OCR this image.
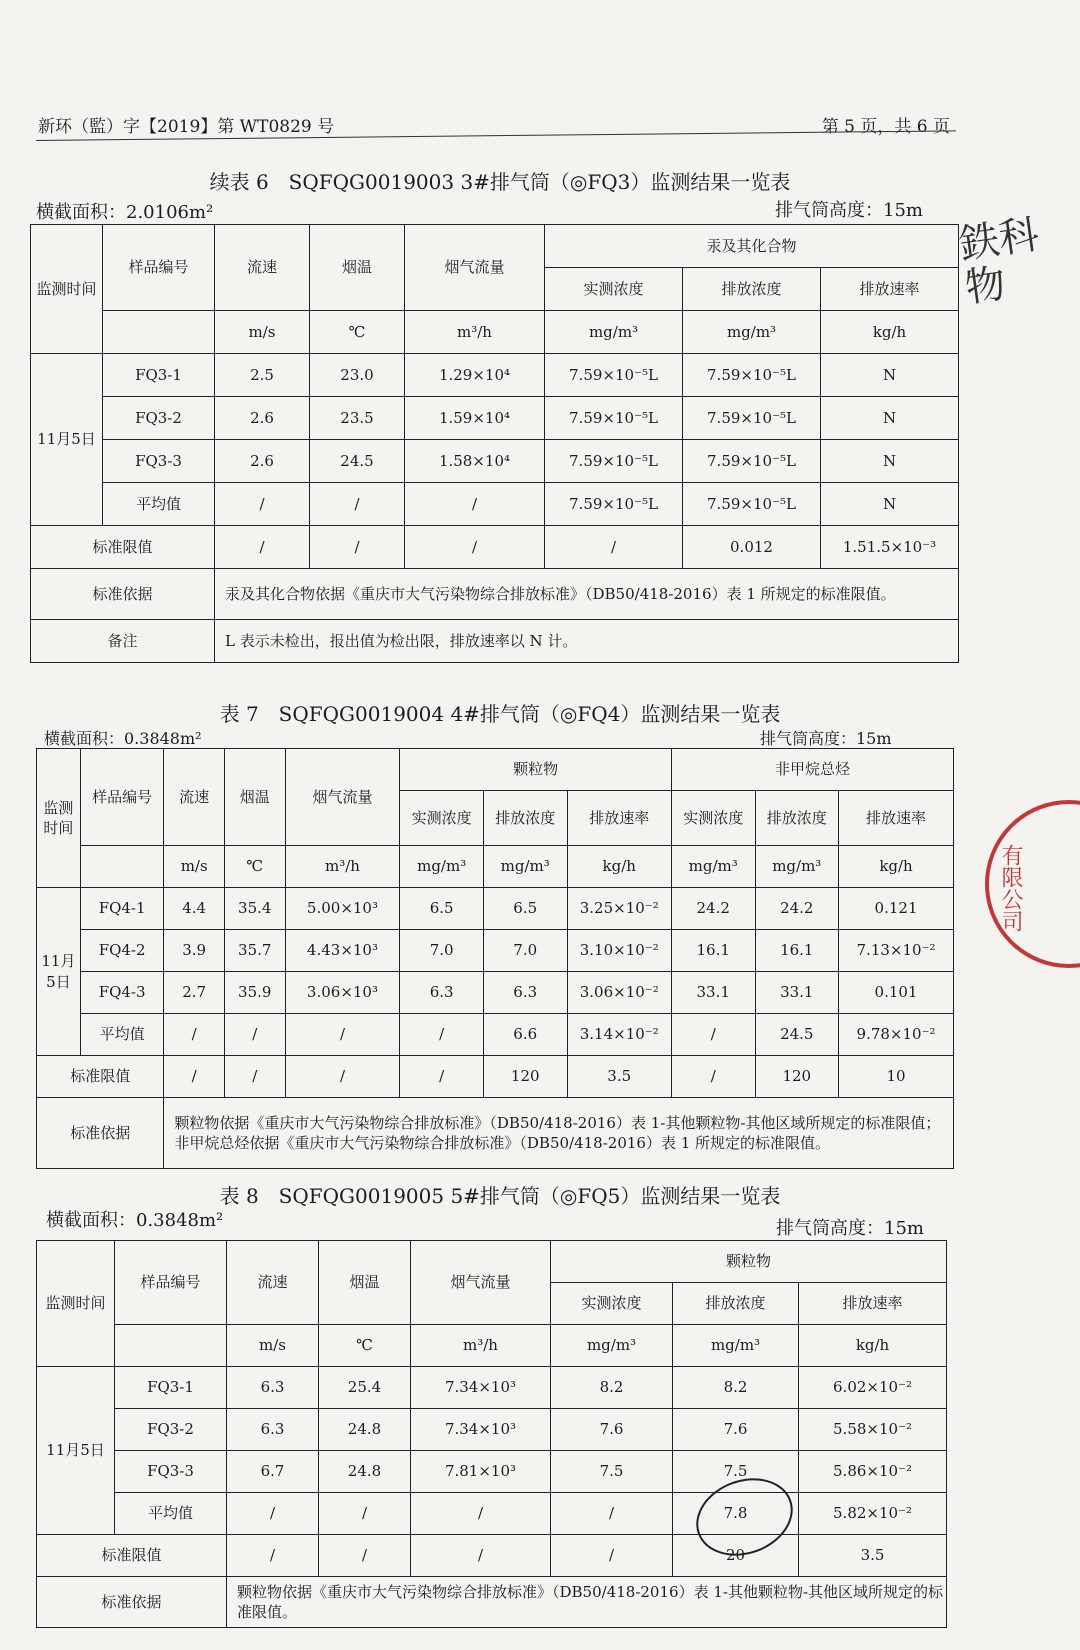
新环（監）字【2019】第 WT0829 号	第 5 页，共 6 页
鉄科物
有限公司
续表 6　SQFQG0019003 3#排气筒（◎FQ3）监测结果一览表
横截面积：2.0106m²	排气筒高度：15m
监测时间	样品编号	流速	烟温	烟气流量	汞及其化合物		
					实测浓度	排放浓度	排放速率
		m/s	℃	m³/h	mg/m³	mg/m³	kg/h
11月5日	FQ3-1	2.5	23.0	1.29×10⁴	7.59×10⁻⁵L	7.59×10⁻⁵L	N
	FQ3-2	2.6	23.5	1.59×10⁴	7.59×10⁻⁵L	7.59×10⁻⁵L	N
	FQ3-3	2.6	24.5	1.58×10⁴	7.59×10⁻⁵L	7.59×10⁻⁵L	N
	平均值	/	/	/	7.59×10⁻⁵L	7.59×10⁻⁵L	N
标准限值		/	/	/	/	0.012	1.51.5×10⁻³
标准依据		汞及其化合物依据《重庆市大气污染物综合排放标准》（DB50/418-2016）表 1 所规定的标准限值。					
备注		L 表示未检出，报出值为检出限，排放速率以 N 计。					
表 7　SQFQG0019004 4#排气筒（◎FQ4）监测结果一览表
横截面积：0.3848m²	排气筒高度：15m
监测时间	样品编号	流速	烟温	烟气流量	颗粒物			非甲烷总烃		
					实测浓度	排放浓度	排放速率	实测浓度	排放浓度	排放速率
		m/s	℃	m³/h	mg/m³	mg/m³	kg/h	mg/m³	mg/m³	kg/h
11月5日	FQ4-1	4.4	35.4	5.00×10³	6.5	6.5	3.25×10⁻²	24.2	24.2	0.121
	FQ4-2	3.9	35.7	4.43×10³	7.0	7.0	3.10×10⁻²	16.1	16.1	7.13×10⁻²
	FQ4-3	2.7	35.9	3.06×10³	6.3	6.3	3.06×10⁻²	33.1	33.1	0.101
	平均值	/	/	/	/	6.6	3.14×10⁻²	/	24.5	9.78×10⁻²
标准限值		/	/	/	/	120	3.5	/	120	10
标准依据		颗粒物依据《重庆市大气污染物综合排放标准》（DB50/418-2016）表 1-其他颗粒物-其他区域所规定的标准限值；非甲烷总烃依据《重庆市大气污染物综合排放标准》（DB50/418-2016）表 1 所规定的标准限值。								
表 8　SQFQG0019005 5#排气筒（◎FQ5）监测结果一览表
横截面积：0.3848m²	排气筒高度：15m
监测时间	样品编号	流速	烟温	烟气流量	颗粒物		
					实测浓度	排放浓度	排放速率
		m/s	℃	m³/h	mg/m³	mg/m³	kg/h
11月5日	FQ3-1	6.3	25.4	7.34×10³	8.2	8.2	6.02×10⁻²
	FQ3-2	6.3	24.8	7.34×10³	7.6	7.6	5.58×10⁻²
	FQ3-3	6.7	24.8	7.81×10³	7.5	7.5	5.86×10⁻²
	平均值	/	/	/	/	7.8	5.82×10⁻²
标准限值		/	/	/	/	20	3.5
标准依据		颗粒物依据《重庆市大气污染物综合排放标准》（DB50/418-2016）表 1-其他颗粒物-其他区域所规定的标准限值。					
